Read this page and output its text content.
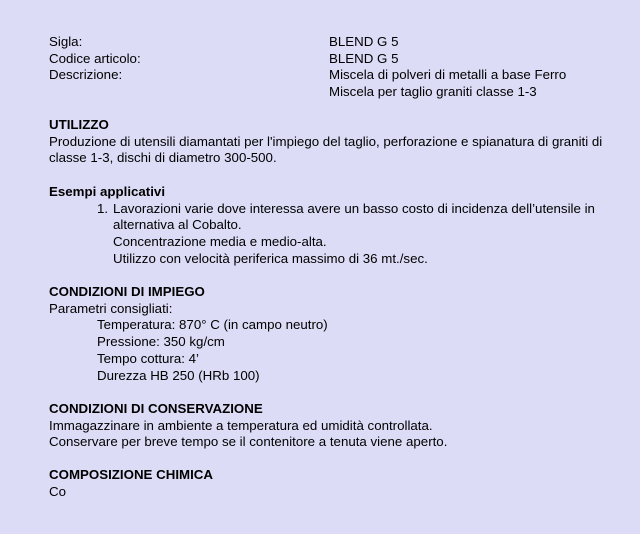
Sigla:	BLEND G 5
Codice articolo:	BLEND G 5
Descrizione:	Miscela di polveri di metalli a base Ferro
Miscela per taglio graniti classe 1-3
UTILIZZO

Produzione di utensili diamantati per l'impiego del taglio, perforazione e spianatura di graniti di classe 1-3, dischi di diametro 300-500.

Esempi applicativi
1. Lavorazioni varie dove interessa avere un basso costo di incidenza dell’utensile in alternativa al Cobalto.
Concentrazione media e medio-alta.
Utilizzo con velocità periferica massimo di 36 mt./sec.
CONDIZIONI DI IMPIEGO
Parametri consigliati:
Temperatura: 870° C (in campo neutro)
Pressione: 350 kg/cm
Tempo cottura: 4’
Durezza HB 250 (HRb 100)
CONDIZIONI DI CONSERVAZIONE
Immagazzinare in ambiente a temperatura ed umidità controllata.
Conservare per breve tempo se il contenitore a tenuta viene aperto.
COMPOSIZIONE CHIMICA
Co
